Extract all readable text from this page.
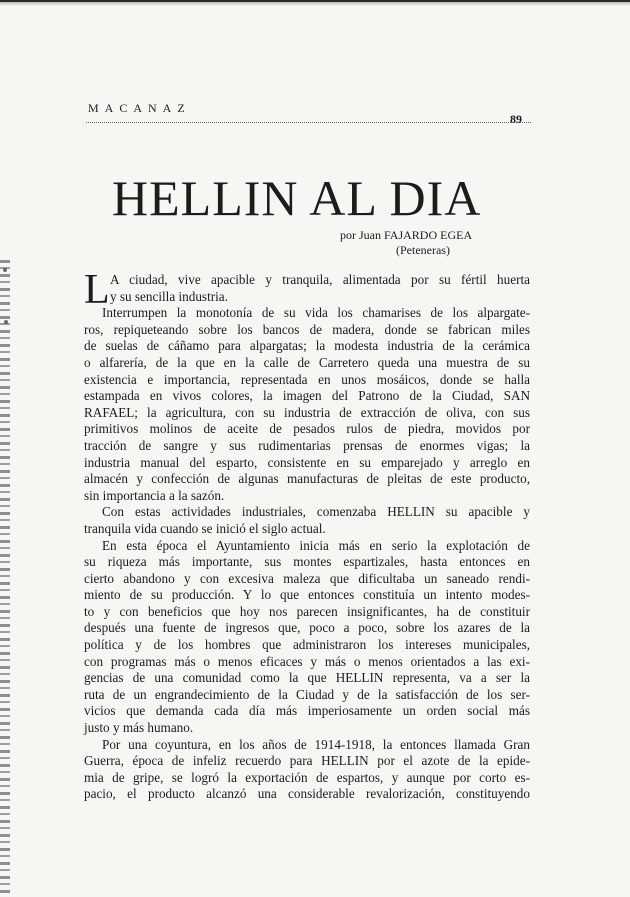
MACANAZ
89
HELLIN AL DIA
por Juan FAJARDO EGEA
(Peteneras)
L A ciudad, vive apacible y tranquila, alimentada por su fértil huerta
y su sencilla industria.
Interrumpen la monotonía de su vida los chamarises de los alpargate-
ros, repiqueteando sobre los bancos de madera, donde se fabrican miles
de suelas de cáñamo para alpargatas; la modesta industria de la cerámica
o alfarería, de la que en la calle de Carretero queda una muestra de su
existencia e importancia, representada en unos mosáicos, donde se halla
estampada en vivos colores, la imagen del Patrono de la Ciudad, SAN
RAFAEL; la agricultura, con su industria de extracción de oliva, con sus
primitivos molinos de aceite de pesados rulos de piedra, movidos por
tracción de sangre y sus rudimentarias prensas de enormes vigas; la
industria manual del esparto, consistente en su emparejado y arreglo en
almacén y confección de algunas manufacturas de pleitas de este producto,
sin importancia a la sazón.
Con estas actividades industriales, comenzaba HELLIN su apacible y
tranquila vida cuando se inició el siglo actual.
En esta época el Ayuntamiento inicia más en serio la explotación de
su riqueza más importante, sus montes espartizales, hasta entonces en
cierto abandono y con excesiva maleza que dificultaba un saneado rendi-
miento de su producción. Y lo que entonces constituía un intento modes-
to y con beneficios que hoy nos parecen insignificantes, ha de constituir
después una fuente de ingresos que, poco a poco, sobre los azares de la
política y de los hombres que administraron los intereses municipales,
con programas más o menos eficaces y más o menos orientados a las exi-
gencias de una comunidad como la que HELLIN representa, va a ser la
ruta de un engrandecimiento de la Ciudad y de la satisfacción de los ser-
vicios que demanda cada día más imperiosamente un orden social más
justo y más humano.
Por una coyuntura, en los años de 1914-1918, la entonces llamada Gran
Guerra, época de infeliz recuerdo para HELLIN por el azote de la epide-
mia de gripe, se logró la exportación de espartos, y aunque por corto es-
pacio, el producto alcanzó una considerable revalorización, constituyendo
